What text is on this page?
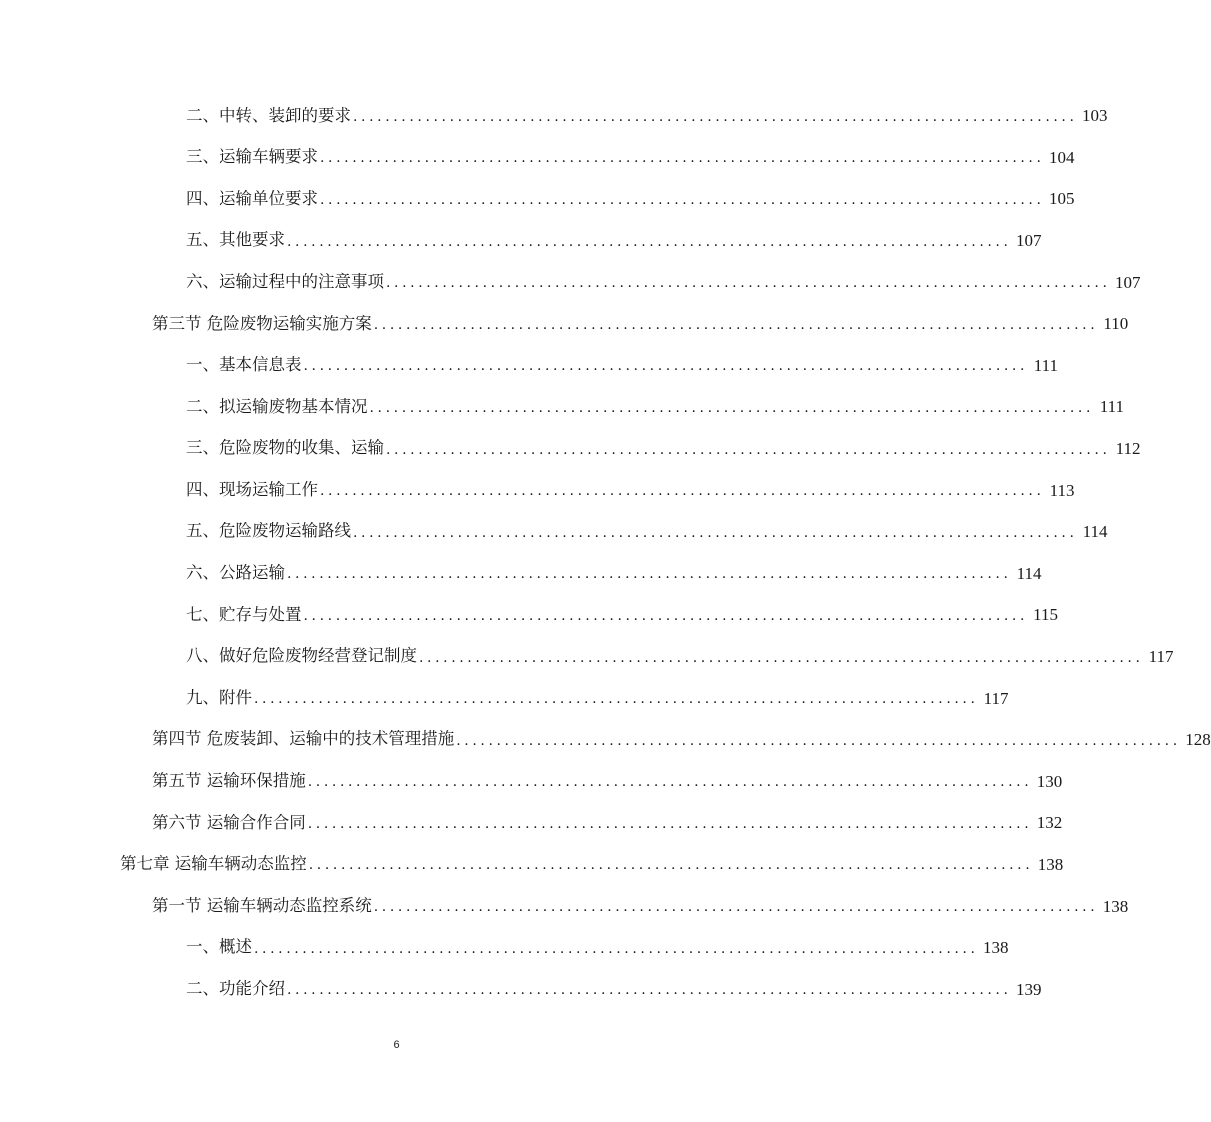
二、中转、装卸的要求 .......................................................................................... 103
三、运输车辆要求 .......................................................................................... 104
四、运输单位要求 .......................................................................................... 105
五、其他要求 .......................................................................................... 107
六、运输过程中的注意事项 .......................................................................................... 107
第三节 危险废物运输实施方案 .......................................................................................... 110
一、基本信息表 .......................................................................................... 111
二、拟运输废物基本情况 .......................................................................................... 111
三、危险废物的收集、运输 .......................................................................................... 112
四、现场运输工作 .......................................................................................... 113
五、危险废物运输路线 .......................................................................................... 114
六、公路运输 .......................................................................................... 114
七、贮存与处置 .......................................................................................... 115
八、做好危险废物经营登记制度 .......................................................................................... 117
九、附件 .......................................................................................... 117
第四节 危废装卸、运输中的技术管理措施 .......................................................................................... 128
第五节 运输环保措施 .......................................................................................... 130
第六节 运输合作合同 .......................................................................................... 132
第七章 运输车辆动态监控 .......................................................................................... 138
第一节 运输车辆动态监控系统 .......................................................................................... 138
一、概述 .......................................................................................... 138
二、功能介绍 .......................................................................................... 139
6
